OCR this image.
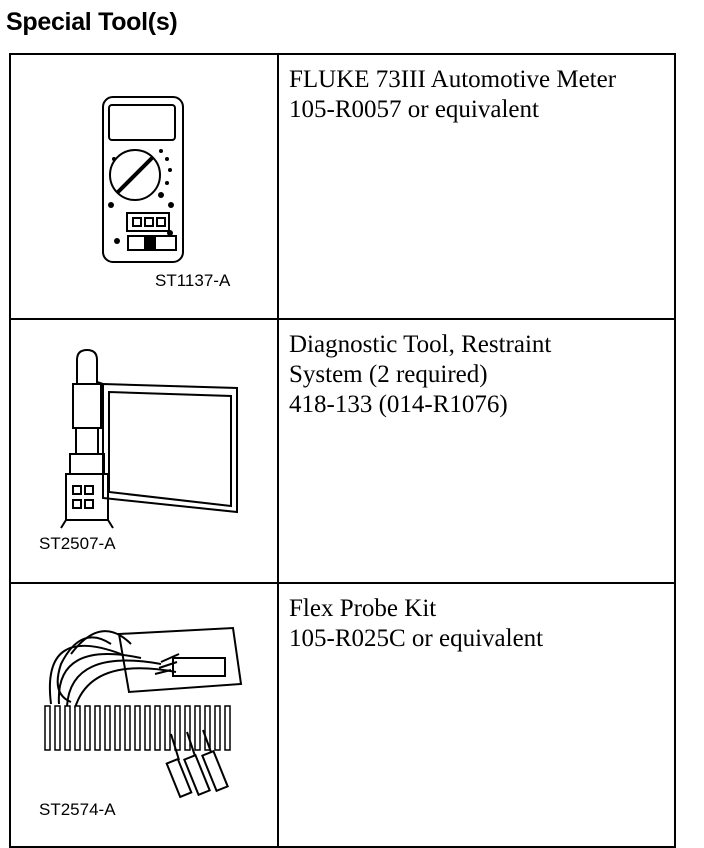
Special Tool(s)
ST1137-A	FLUKE 73III Automotive Meter
105-R0057 or equivalent

ST2507-A	Diagnostic Tool, Restraint
System (2 required)
418-133 (014-R1076)

ST2574-A	Flex Probe Kit
105-R025C or equivalent
